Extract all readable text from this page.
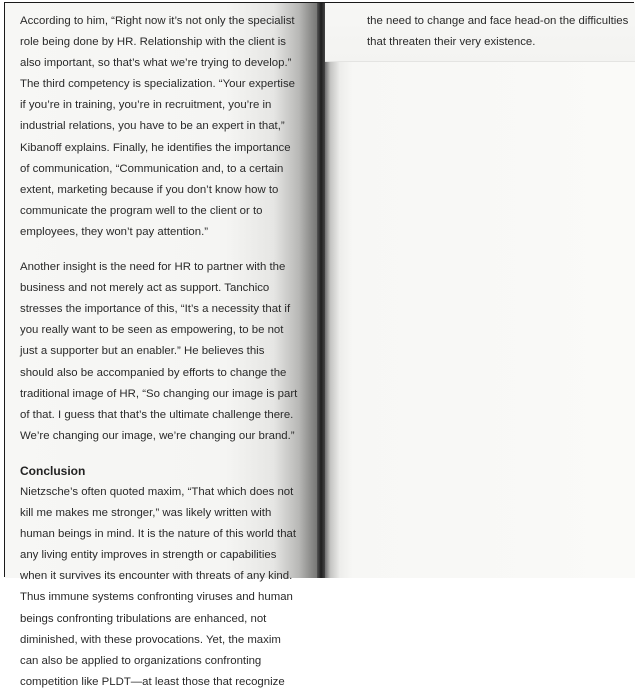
According to him, “Right now it’s not only the specialist
role being done by HR. Relationship with the client is
also important, so that’s what we’re trying to develop.”
The third competency is specialization. “Your expertise
if you’re in training, you’re in recruitment, you’re in
industrial relations, you have to be an expert in that,”
Kibanoff explains. Finally, he identifies the importance
of communication, “Communication and, to a certain
extent, marketing because if you don’t know how to
communicate the program well to the client or to
employees, they won’t pay attention.”
Another insight is the need for HR to partner with the
business and not merely act as support. Tanchico
stresses the importance of this, “It’s a necessity that if
you really want to be seen as empowering, to be not
just a supporter but an enabler.” He believes this
should also be accompanied by efforts to change the
traditional image of HR, “So changing our image is part
of that. I guess that that’s the ultimate challenge there.
We’re changing our image, we’re changing our brand.”
Conclusion
Nietzsche’s often quoted maxim, “That which does not
kill me makes me stronger,” was likely written with
human beings in mind. It is the nature of this world that
any living entity improves in strength or capabilities
when it survives its encounter with threats of any kind.
Thus immune systems confronting viruses and human
beings confronting tribulations are enhanced, not
diminished, with these provocations. Yet, the maxim
can also be applied to organizations confronting
competition like PLDT—at least those that recognize
the need to change and face head-on the difficulties
that threaten their very existence.
